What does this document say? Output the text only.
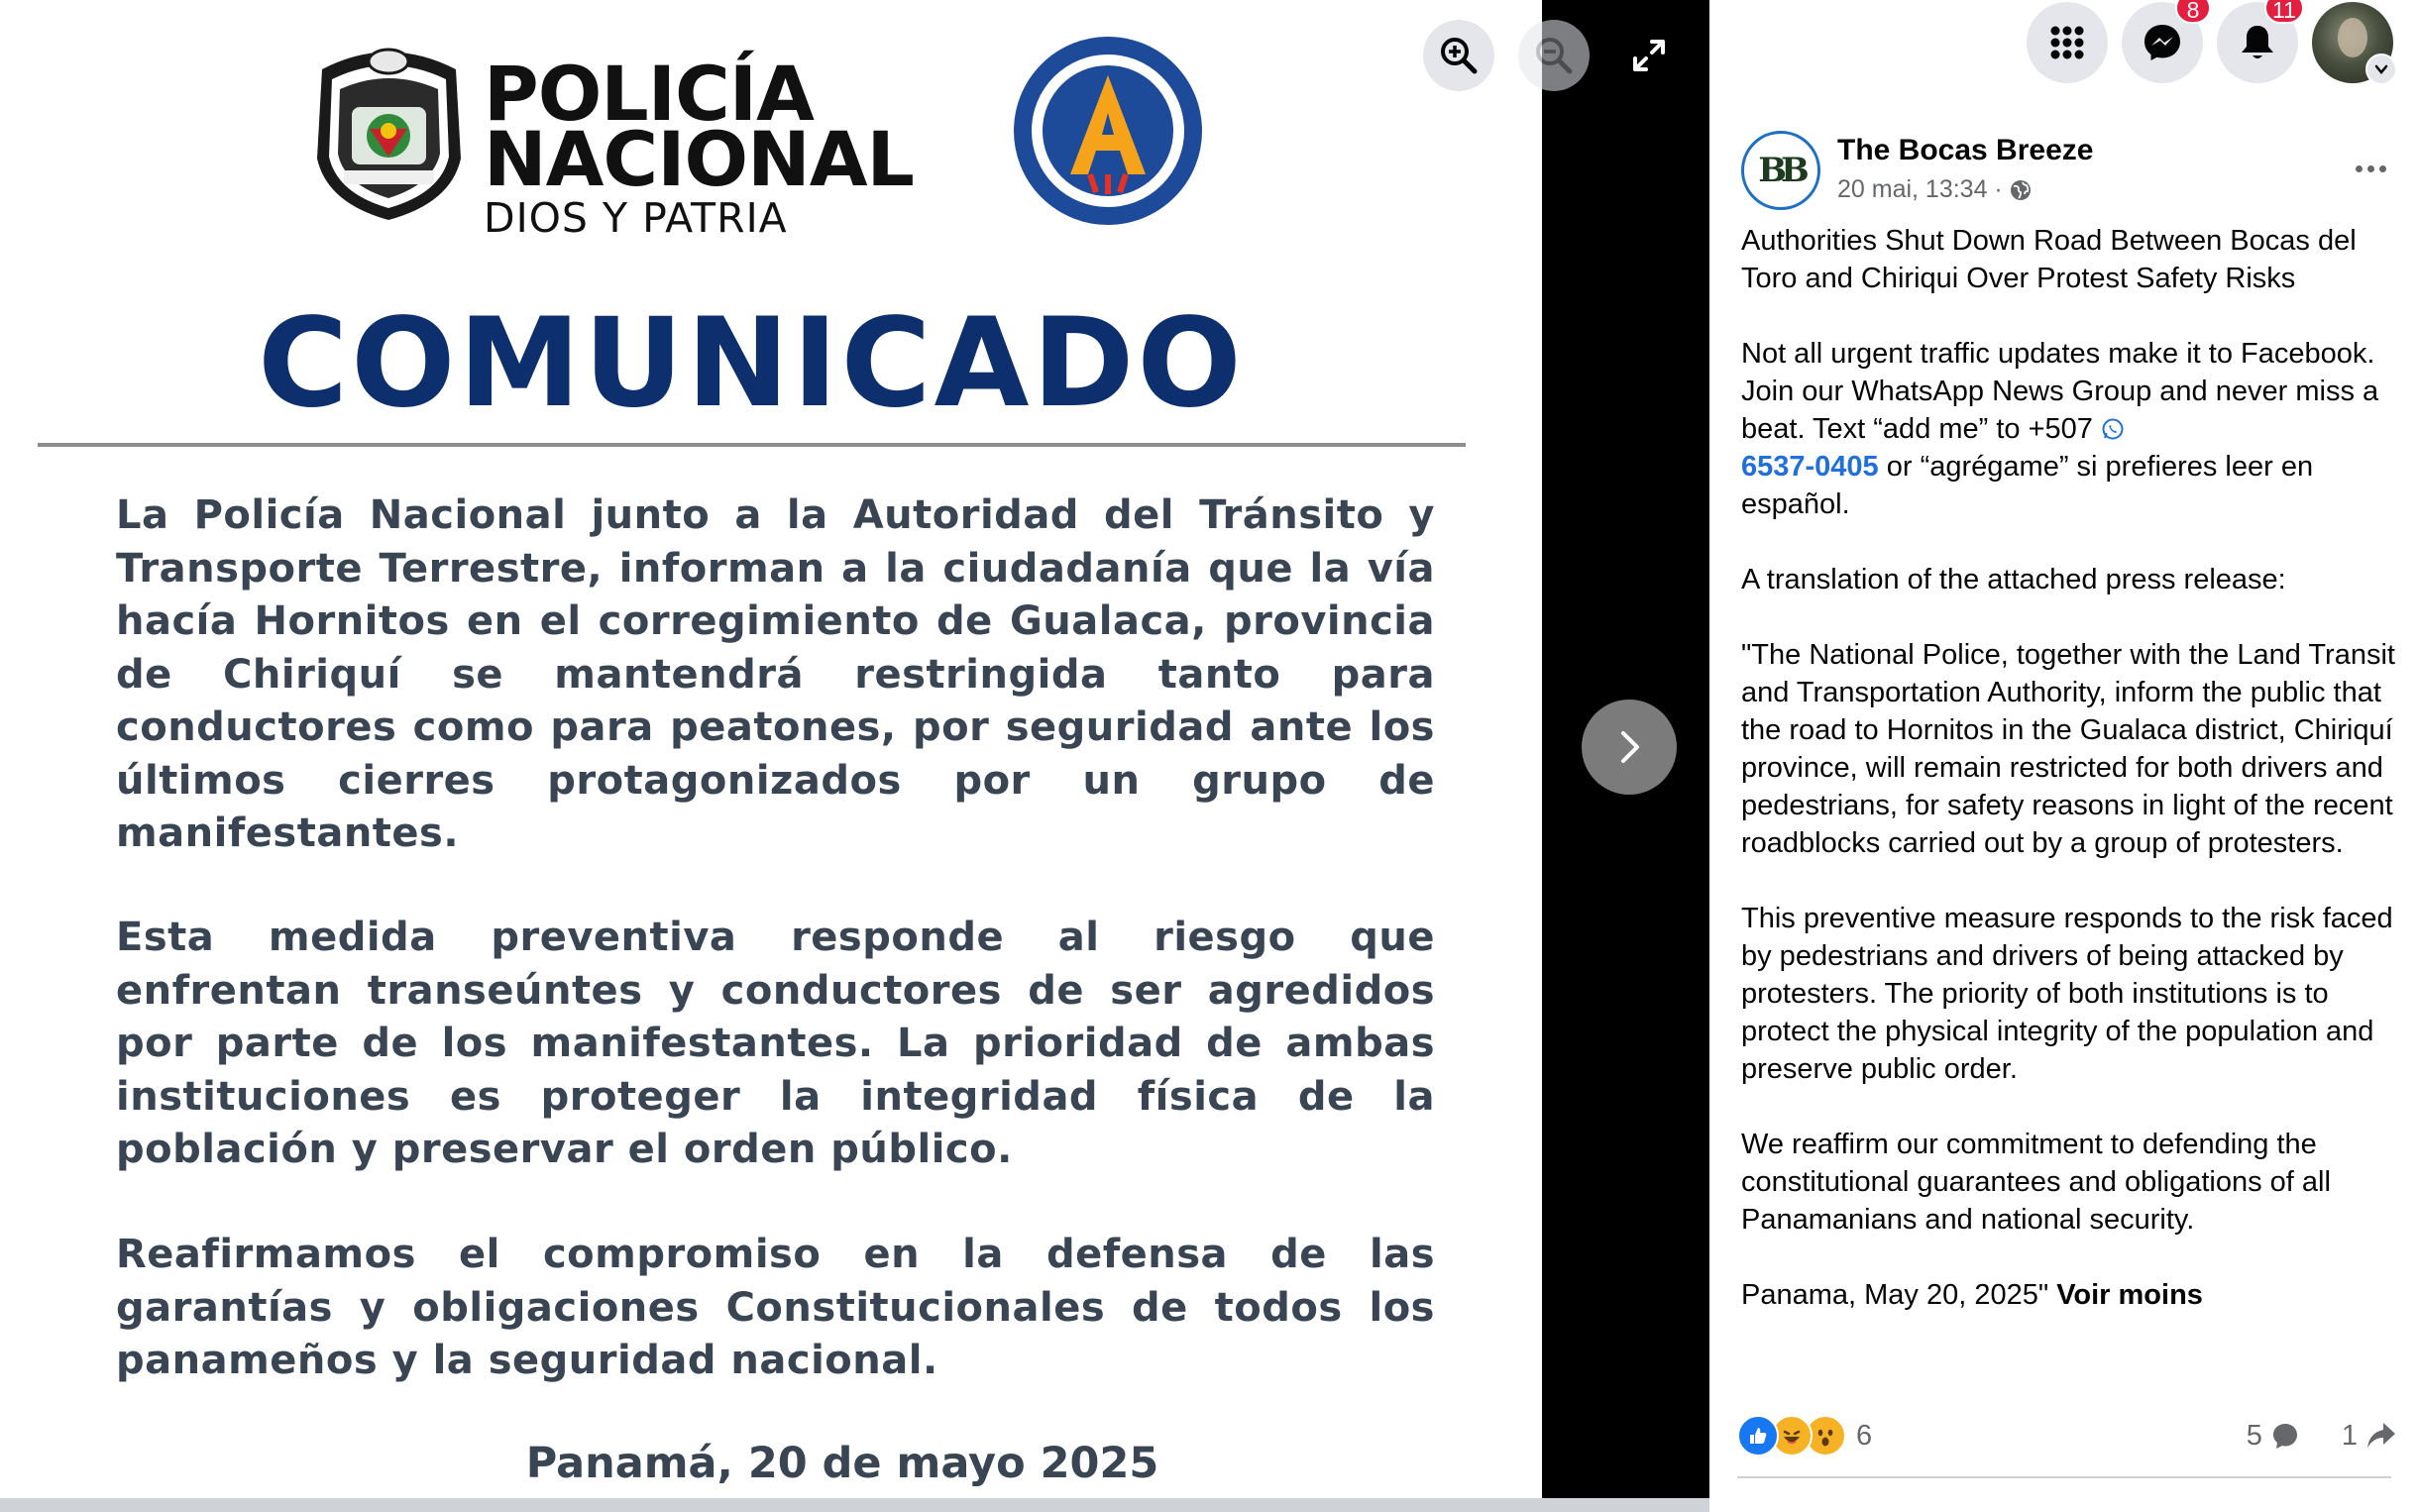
POLICÍA
NACIONAL
DIOS Y PATRIA
COMUNICADO
La Policía Nacional junto a la Autoridad del Tránsito y Transporte Terrestre, informan a la ciudadanía que la vía hacía Hornitos en el corregimiento de Gualaca, provincia de Chiriquí se mantendrá restringida tanto para conductores como para peatones, por seguridad ante los últimos cierres protagonizados por un grupo de manifestantes.
Esta medida preventiva responde al riesgo que enfrentan transeúntes y conductores de ser agredidos por parte de los manifestantes. La prioridad de ambas instituciones es proteger la integridad física de la población y preservar el orden público.
Reafirmamos el compromiso en la defensa de las garantías y obligaciones Constitucionales de todos los panameños y la seguridad nacional.
Panamá, 20 de mayo 2025
8	11
BB
The Bocas Breeze
20 mai, 13:34 ·

Authorities Shut Down Road Between Bocas del Toro and Chiriqui Over Protest Safety Risks

Not all urgent traffic updates make it to Facebook. Join our WhatsApp News Group and never miss a beat. Text “add me” to +507
6537-0405 or “agrégame” si prefieres leer en español.

A translation of the attached press release:

"The National Police, together with the Land Transit and Transportation Authority, inform the public that the road to Hornitos in the Gualaca district, Chiriquí province, will remain restricted for both drivers and pedestrians, for safety reasons in light of the recent roadblocks carried out by a group of protesters.

This preventive measure responds to the risk faced by pedestrians and drivers of being attacked by protesters. The priority of both institutions is to protect the physical integrity of the population and preserve public order.

We reaffirm our commitment to defending the constitutional guarantees and obligations of all Panamanians and national security.

Panama, May 20, 2025" Voir moins

6	5	1
